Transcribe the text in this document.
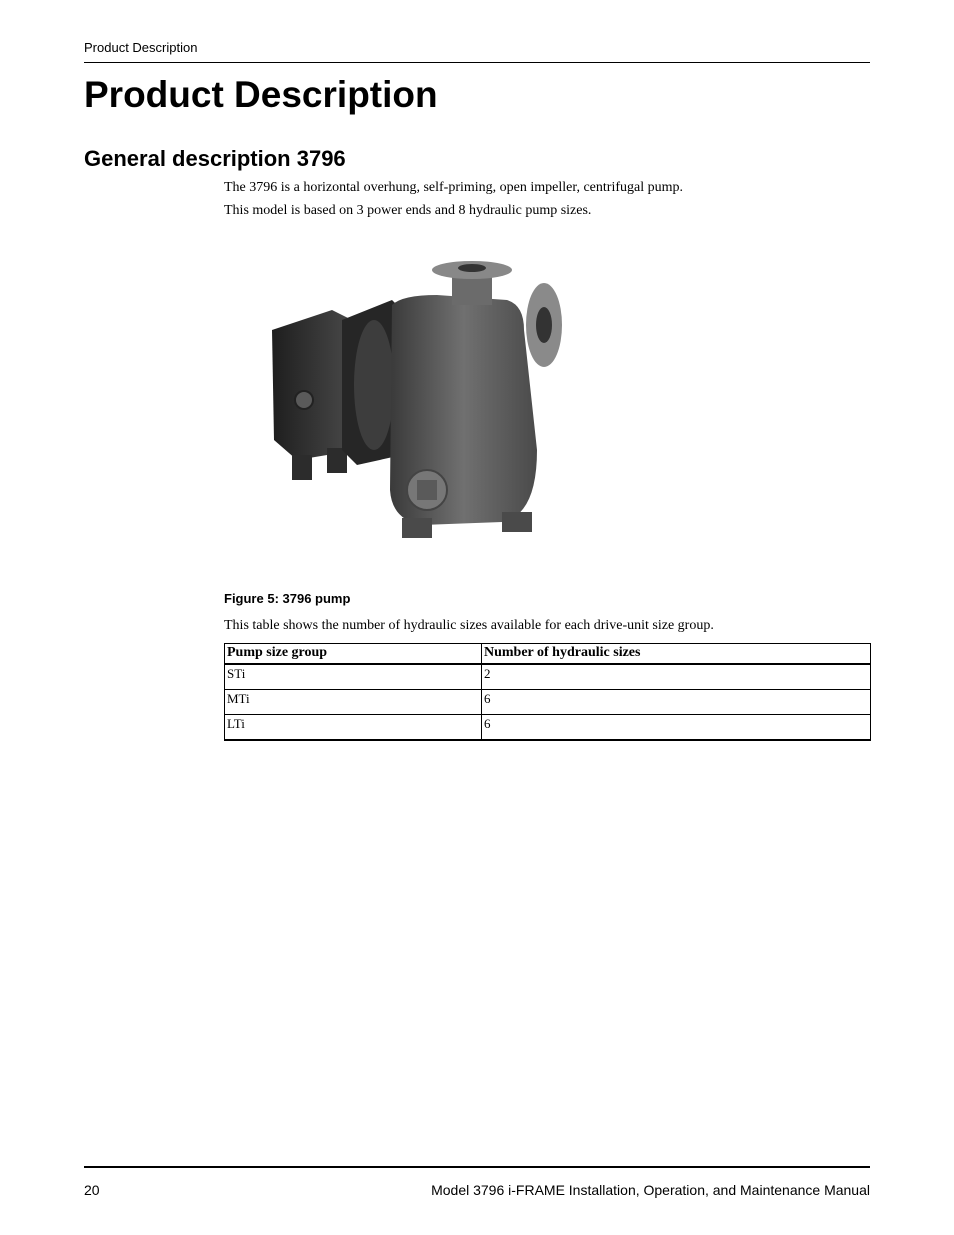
Product Description
Product Description
General description 3796

The 3796 is a horizontal overhung, self-priming, open impeller, centrifugal pump.

This model is based on 3 power ends and 8 hydraulic pump sizes.

Figure 5: 3796 pump

This table shows the number of hydraulic sizes available for each drive-unit size group.

Pump size group	Number of hydraulic sizes
STi	2
MTi	6
LTi	6
20	Model 3796 i-FRAME Installation, Operation, and Maintenance Manual
